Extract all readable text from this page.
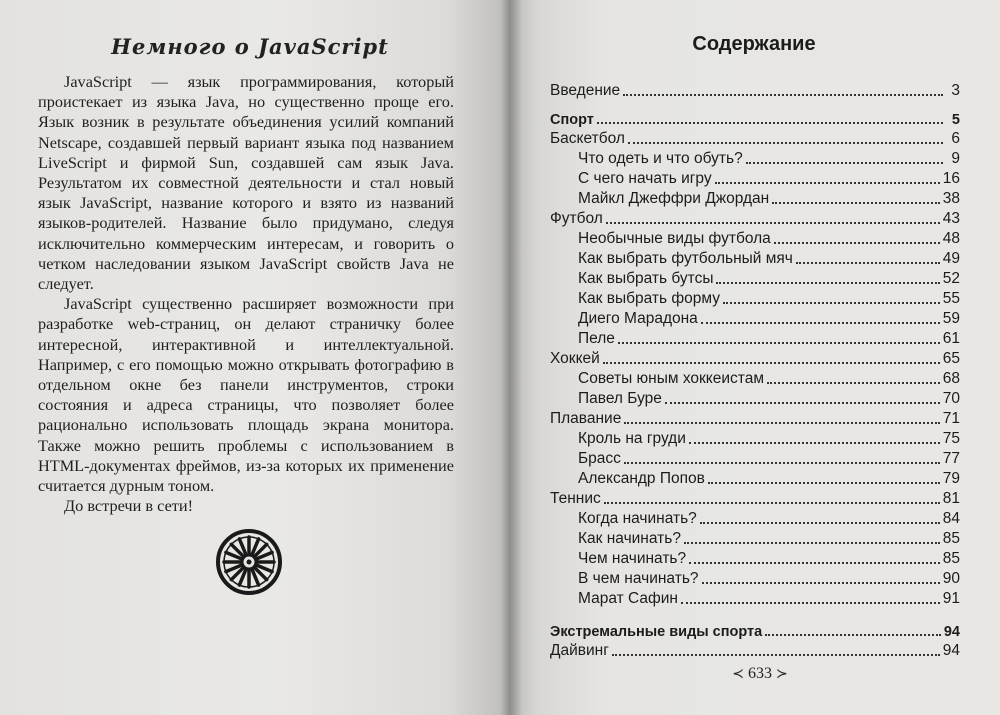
Немного о JavaScript

JavaScript — язык программирования, который проистекает из языка Java, но существенно проще его. Язык возник в результате объединения усилий компаний Netscape, создавшей первый вариант языка под названием LiveScript и фирмой Sun, создавшей сам язык Java. Результатом их совместной деятельности и стал новый язык JavaScript, название которого и взято из названий языков-родителей. Название было придумано, следуя исключительно коммерческим интересам, и говорить о четком наследовании языком JavaScript свойств Java не следует.

JavaScript существенно расширяет возможности при разработке web-страниц, он делают страничку более интересной, интерактивной и интеллектуальной. Например, с его помощью можно открывать фотографию в отдельном окне без панели инструментов, строки состояния и адреса страницы, что позволяет более рационально использовать площадь экрана монитора. Также можно решить проблемы с использованием в HTML-документах фреймов, из-за которых их применение считается дурным тоном.

До встречи в сети!

Содержание
Введение	3
Спорт	5
Баскетбол	6
Что одеть и что обуть?	9
С чего начать игру	16
Майкл Джеффри Джордан	38
Футбол	43
Необычные виды футбола	48
Как выбрать футбольный мяч	49
Как выбрать бутсы	52
Как выбрать форму	55
Диего Марадона	59
Пеле	61
Хоккей	65
Советы юным хоккеистам	68
Павел Буре	70
Плавание	71
Кроль на груди	75
Брасс	77
Александр Попов	79
Теннис	81
Когда начинать?	84
Как начинать?	85
Чем начинать?	85
В чем начинать?	90
Марат Сафин	91
Экстремальные виды спорта	94
Дайвинг	94
≺ 633 ≻
